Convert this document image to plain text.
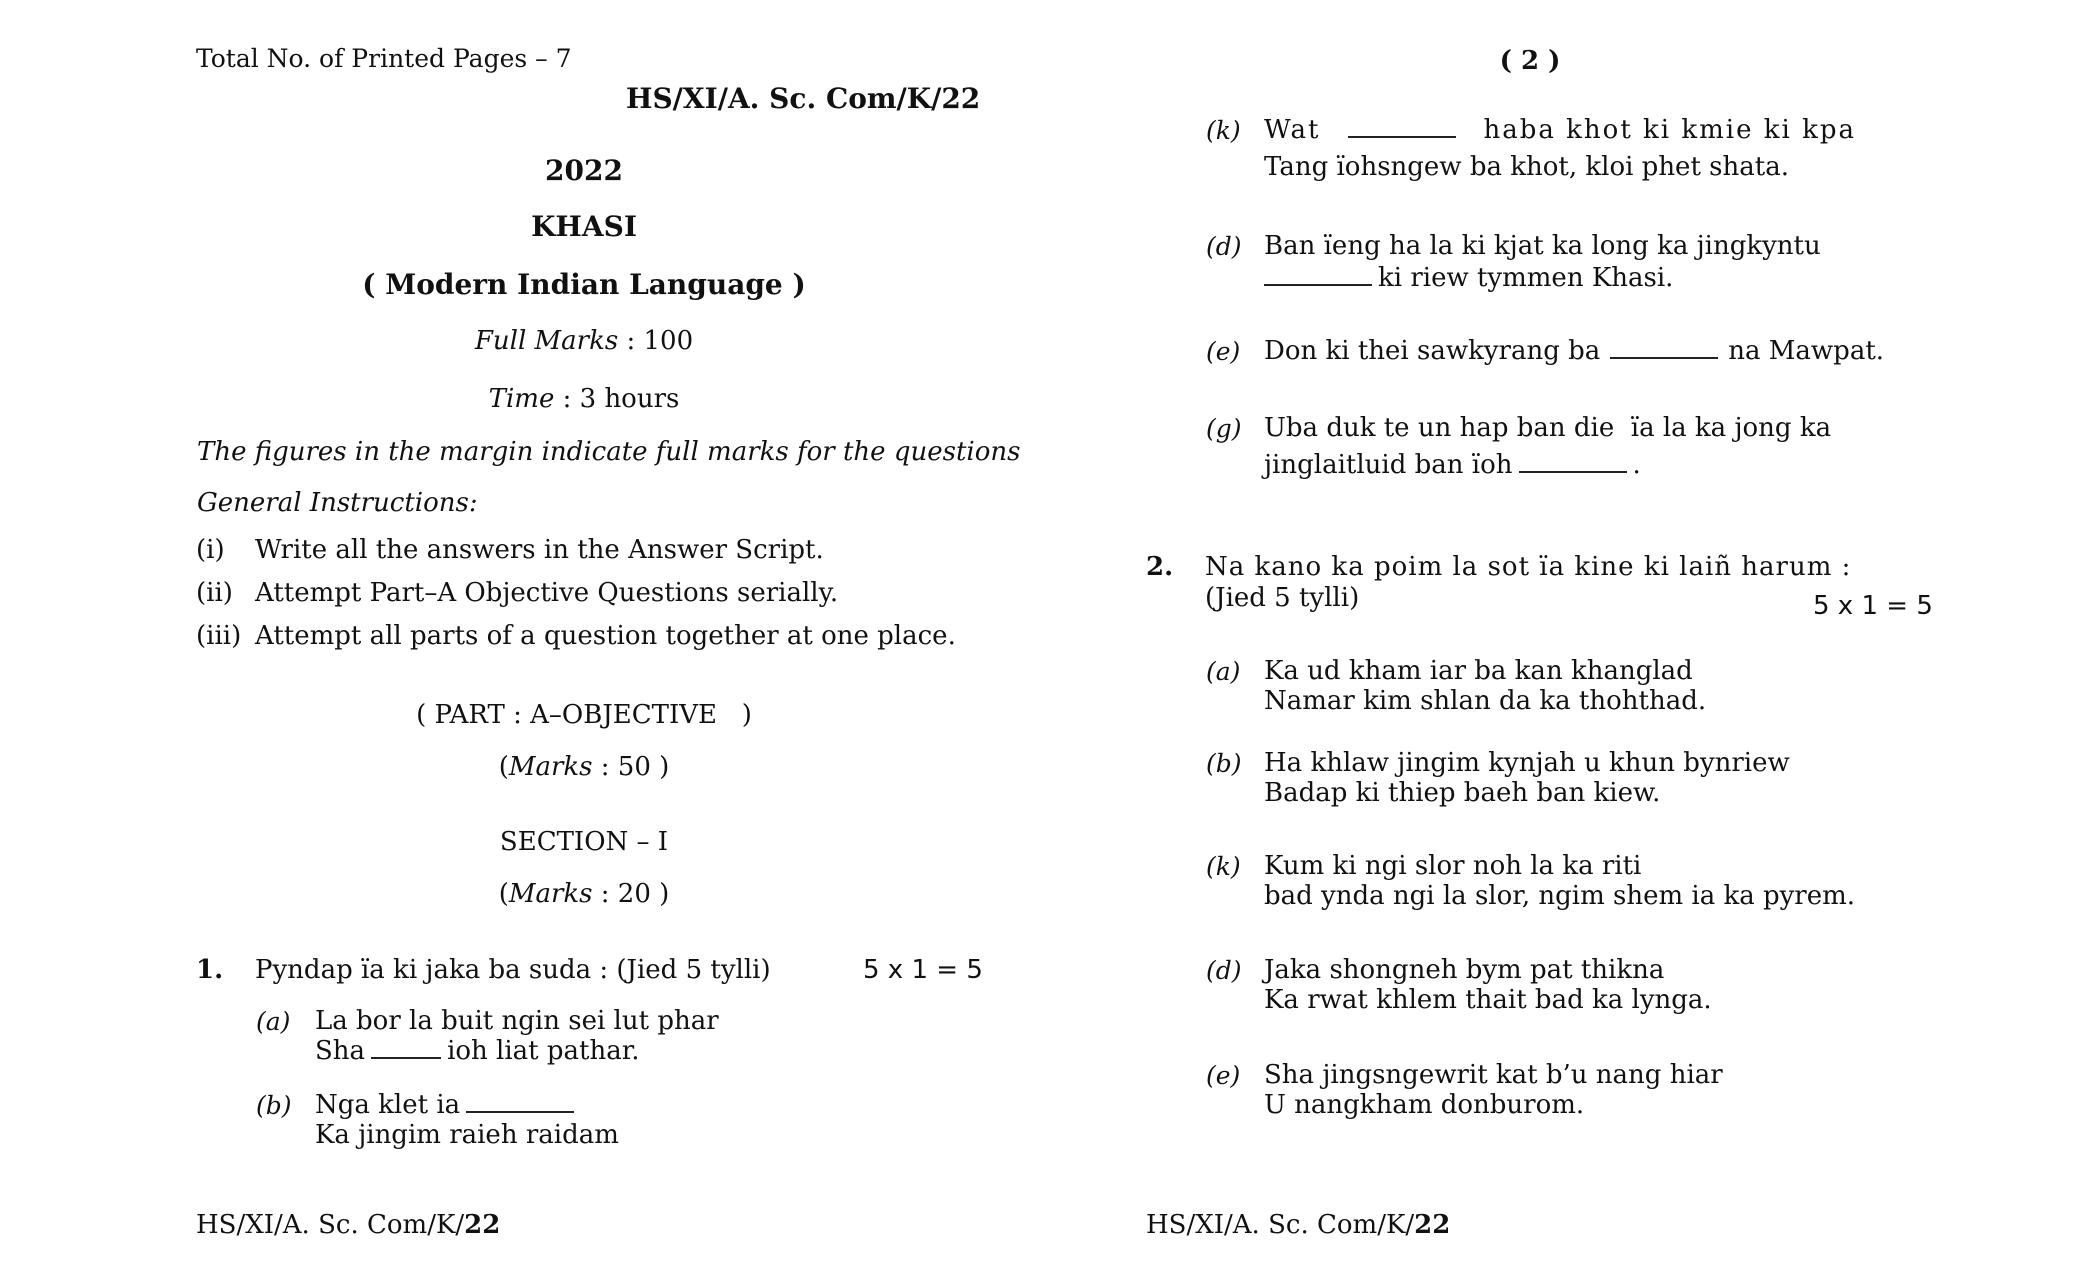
Total No. of Printed Pages – 7
HS/XI/A. Sc. Com/K/22
2022
KHASI
( Modern Indian Language )
Full Marks : 100
Time : 3 hours
The figures in the margin indicate full marks for the questions
General Instructions:
(i) Write all the answers in the Answer Script.
(ii) Attempt Part–A Objective Questions serially.
(iii) Attempt all parts of a question together at one place.
( PART : A–OBJECTIVE   )
(Marks : 50 )
SECTION – I
(Marks : 20 )
1. Pyndap ïa ki jaka ba suda : (Jied 5 tylli)	5 x 1 = 5
(a) La bor la buit ngin sei lut phar
Sha	ioh liat pathar.
(b) Nga klet ia
Ka jingim raieh raidam
HS/XI/A. Sc. Com/K/22
( 2 )
(k) Wat	haba khot ki kmie ki kpa
Tang ïohsngew ba khot, kloi phet shata.
(d) Ban ïeng ha la ki kjat ka long ka jingkyntu
ki riew tymmen Khasi.
(e) Don ki thei sawkyrang ba	na Mawpat.
(g) Uba duk te un hap ban die  ïa la ka jong ka
jinglaitluid ban ïoh	.
2. Na kano ka poim la sot ïa kine ki laiñ harum :
(Jied 5 tylli)	5 x 1 = 5
(a) Ka ud kham iar ba kan khanglad
Namar kim shlan da ka thohthad.
(b) Ha khlaw jingim kynjah u khun bynriew
Badap ki thiep baeh ban kiew.
(k) Kum ki ngi slor noh la ka riti
bad ynda ngi la slor, ngim shem ia ka pyrem.
(d) Jaka shongneh bym pat thikna
Ka rwat khlem thait bad ka lynga.
(e) Sha jingsngewrit kat b’u nang hiar
U nangkham donburom.
HS/XI/A. Sc. Com/K/22
